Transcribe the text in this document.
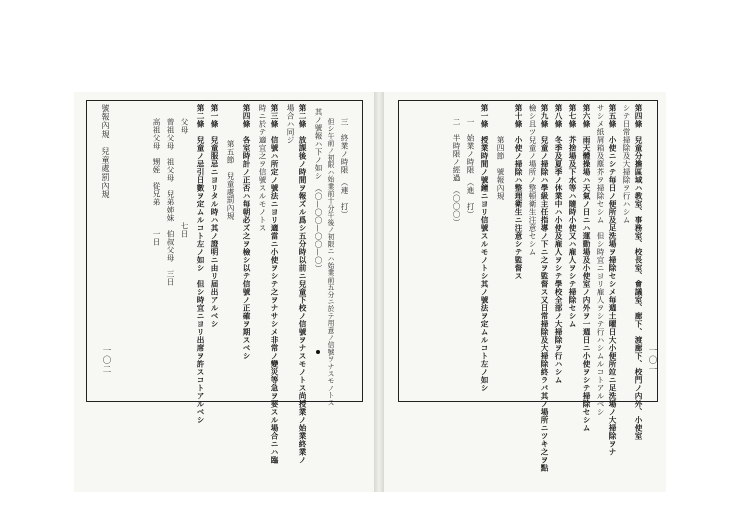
第四條　兒童分擔區域ハ教室、事務室、校長室、會議室、廊下、渡廊下、校門ノ内外、小使室
シテ日常掃除及大掃除ヲ行ハシム
第五條　小使ニシテ毎日ノ便所及足洗場ヲ掃除セシメ毎週土曜日大小便所竝ニ足洗場ノ大掃除ヲナ
サシメ紙屑箱及塵芥ヲ掃除セシム　但シ時宜ニヨリ雇人ヲシテ行ハシムルコトアルベシ
第六條　雨天體操場ハ天氣ノ日ニハ運動場及小使室ノ内外ヲ一週日ニ小使ヲシテ掃除セシム
第七條　芥捨場及下水等ハ隨時小使又ハ雇人ヲシテ掃除セシム
第八條　冬季及夏季ノ休業中ハ小使及雇人ヲシテ學校全部ノ大掃除ヲ行ハシム
第九條　兒童ノ掃除ハ學級主任指導ノ下ニ之ヲ監督ス又日常掃除及大掃除終ラバ其ノ場所ニツキ之ヲ點
檢シ且ツ兒童ノ場所ノ整頓衛生注意セシム
第十條　小使ノ掃除ハ整理衛生ニ注意シテ監督ス
第四節　號報內規
第一條　授業時間ノ號鐘ニヨリ信號スルモノトシ其ノ號法ヲ定ムルコト左ノ如シ
一　始業ノ時限　（進　打）
二　半時限ノ經過　（〇〇〇）
一〇一
三　終業ノ時限　（連　打）
但シ午前ノ初限ハ始業前十分午後ノ初限ニハ始業前五分ニ於テ用意ノ信號ヲナスモノトス
其ノ號報ハ下ノ如シ　（〇—〇〇—〇〇—〇）
第二條　放課後ノ時間ヲ報ズル爲シ五分時以前ニ兒童下校ノ信號ヲナスモノトス尚授業ノ始業終業ノ
場合ハ同ジ
第三條　信號ハ所定ノ號法ニヨリ適當ニ小使ヲシテ之ヲナサシメ非常ノ變災等急ヲ要スル場合ニハ臨
時ニ於テ適宜之ヲ信號スルモノトス
第四條　各室時計ノ正否ハ每朝必ズ之ヲ檢シ以テ信號ノ正確ヲ期スベシ
第五節　兒童處罰內規
第一條　兒童服忌ニヨリタル時ハ其ノ證明ニ由リ届出アルベシ
第二條　兒童ノ忌引日數ヲ定ムルコト左ノ如シ　但シ時宜ニヨリ出席ヲ許スコトアルベシ
父母　　　　　　　　　　　七日
曾祖父母　祖父母　兒弟姉妹　伯叔父母　三日
高祖父母　甥姪　從兄弟　　　一日
號報內規　兒童處罰內規
一〇二
